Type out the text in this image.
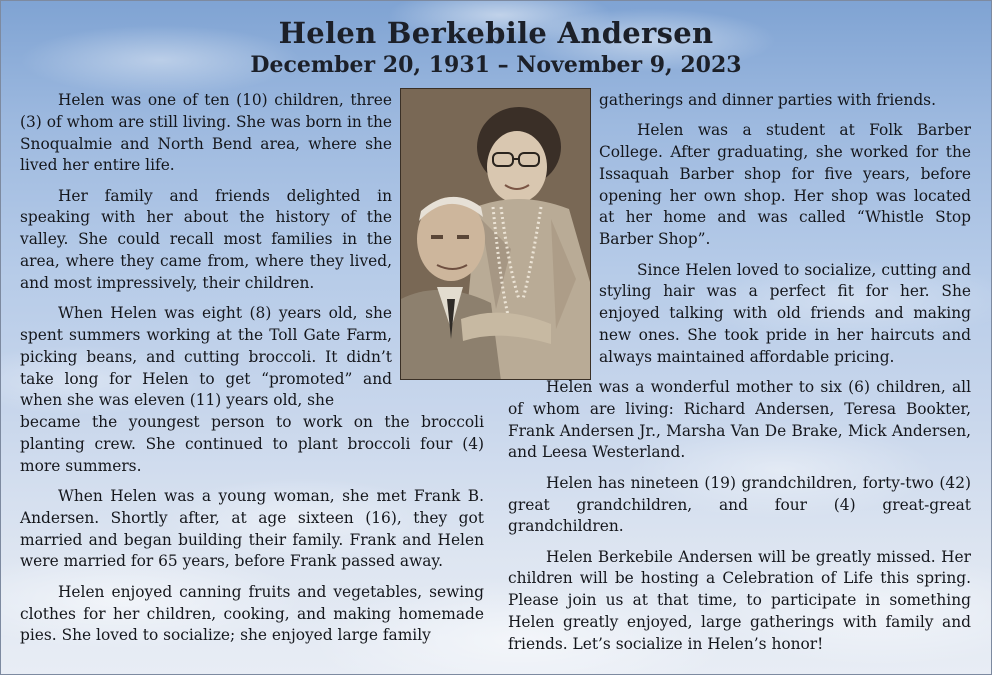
Helen Berkebile Andersen
December 20, 1931 – November 9, 2023

Helen was one of ten (10) children, three (3) of whom are still living. She was born in the Snoqualmie and North Bend area, where she lived her entire life.

Her family and friends delighted in speaking with her about the history of the valley. She could recall most families in the area, where they came from, where they lived, and most impressively, their children.

When Helen was eight (8) years old, she spent summers working at the Toll Gate Farm, picking beans, and cutting broccoli. It didn’t take long for Helen to get “promoted” and when she was eleven (11) years old, she

became the youngest person to work on the broccoli planting crew. She continued to plant broccoli four (4) more summers.

When Helen was a young woman, she met Frank B. Andersen. Shortly after, at age sixteen (16), they got married and began building their family. Frank and Helen were married for 65 years, before Frank passed away.

Helen enjoyed canning fruits and vegetables, sewing clothes for her children, cooking, and making homemade pies. She loved to socialize; she enjoyed large family

gatherings and dinner parties with friends.

Helen was a student at Folk Barber College. After graduating, she worked for the Issaquah Barber shop for five years, before opening her own shop. Her shop was located at her home and was called “Whistle Stop Barber Shop”.

Since Helen loved to socialize, cutting and styling hair was a perfect fit for her. She enjoyed talking with old friends and making new ones. She took pride in her haircuts and always maintained affordable pricing.

Helen was a wonderful mother to six (6) children, all of whom are living: Richard Andersen, Teresa Bookter, Frank Andersen Jr., Marsha Van De Brake, Mick Andersen, and Leesa Westerland.

Helen has nineteen (19) grandchildren, forty-two (42) great grandchildren, and four (4) great-great grandchildren.

Helen Berkebile Andersen will be greatly missed. Her children will be hosting a Celebration of Life this spring. Please join us at that time, to participate in something Helen greatly enjoyed, large gatherings with family and friends. Let’s socialize in Helen’s honor!
